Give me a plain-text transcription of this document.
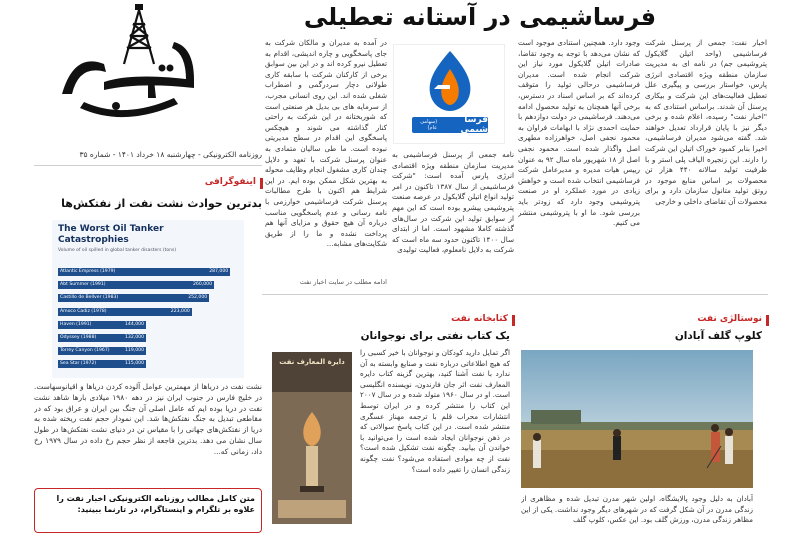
روزنامه الکترونیکی - چهارشنبه ۱۸ خرداد ۱۴۰۱ - شماره ۳۵
فرساشیمی در آستانه تعطیلی
اخبار نفت: جمعی از پرسنل شرکت فرساشیمی (واحد اتیلن گلایکول پتروشیمی جم) در نامه ای به مدیریت سازمان منطقه ویژه اقتصادی انرژی پارس، خواستار بررسی و پیگیری علل تعطیل فعالیت‌های این شرکت و بیکاری پرسنل آن شدند. براساس استنادی که به "اخبار نفت" رسیده، اعلام شده و برخی دیگر نیز با پایان قرارداد تعدیل خواهند شد. گفته می‌شود مدیران فرساشیمی، اخیرا بنابر کمبود خوراک اتیلن این شرکت را دارند. این زنجیره الیاف پلی استر و با ظرفیت تولید سالانه ۴۴۰ هزار تن محصولات بر اساس منابع موجود در روتق تولید متانول سازمان دارد و برای محصولات آن تقاضای داخلی و خارجی
وجود دارد. همچنین استنادی موجود است که نشان می‌دهد با توجه به وجود تقاضا، صادرات اتیلن گلایکول مورد نیاز این شرکت انجام شده است. مدیران فرساشیمی درحالی تولید را متوقف کرده‌اند که بر اساس اسناد در دسترس، برخی آنها همچنان به تولید محصول ادامه می‌دهند. فرساشیمی در دولت دوازدهم با حمایت احمدی نژاد با ابهامات فراوان به محمود نجفی اصل، خواهرزاده مطهری اصل واگذار شده است. محمود نجفی اصل از ۱۸ شهریور ماه سال ۹۲ به عنوان رییس هیات مدیره و مدیرعامل شرکت فرساشیمی انتخاب شده است و خواهش زیادی در مورد عملکرد او در صنعت پتروشیمی وجود دارد که زودتر باید بررسی شود. ما او با پتروشیمی منتشر می کنیم.
نامه جمعی از پرسنل فرساشیمی به مدیریت سازمان منطقه ویژه اقتصادی انرژی پارس آمده است: "شرکت فرساشیمی از سال ۱۳۸۷ تاکنون در امر تولید انواع اتیلن گلایکول در عرصه صنعت پتروشیمی پیشرو بوده است که این مهم از سوابق تولید این شرکت در سال‌های گذشته کاملا مشهود است. اما از ابتدای سال ۱۴۰۰ تاکنون حدود سه ماه است که شرکت به دلایل نامعلوم، فعالیت تولیدی
در آمده به مدیران و مالکان شرکت به جای پاسخگویی و چاره اندیشی، اقدام به تعطیل نیرو کرده اند و در این بین سوابق برخی از کارکنان شرکت با سابقه کاری طولانی دچار سردرگمی و اضطراب شغلی شده اند. این روی انسانی مجرب، از سرمایه های بی بدیل هر صنعتی است که شوربختانه در این شرکت به راحتی کنار گذاشته می شوند و هیچکس پاسخگوی این اقدام در سطح مدیریتی نبوده است. ما طی سالیان متمادی به عنوان پرسنل شرکت با تعهد و دلایل چندان کاری مشغول انجام وظایف محوله به بهترین شکل ممکن بوده ایم. در این شرایط هم اکنون با طرح مطالبات پرسنل شرکت فرساشیمی خوارزمی با نامه رسانی و عدم پاسخگویی مناسب درباره آن هیچ حقوق و مزایای آنها هم پرداخت نشده و ما را از طریق شکایت‌های مشابه...
ادامه مطلب در سایت اخبار نفت
فرسا شیمی
(سهامی عام)
اینفوگرافی
بدترین حوادث نشت نفت از نفتکش‌ها
The Worst Oil Tanker Catastrophies
Volume of oil spilled in global tanker disasters (tons)
Atlantic Empress (1979)	287,000
Abt Summer (1991)	260,000
Castillo de Bellver (1983)	252,000
Amoco Cadiz (1978)	223,000
Haven (1991)	144,000
Odyssey (1988)	132,000
Torrey Canyon (1967)	119,000
Sea Star (1972)	115,000
نشت نفت در دریاها از مهمترین عوامل آلوده کردن دریاها و اقیانوسهاست. در خلیج فارس در جنوب ایران نیز در دهه ۱۹۸۰ میلادی بارها شاهد نشت نفت در دریا بوده ایم که عامل اصلی آن جنگ بین ایران و عراق بود که در مقاطعی تبدیل به جنگ نفتکش‌ها شد. این نمودار حجم نفت ریخته شده به دریا از نفتکش‌های جهانی را با مقیاس تن در دنیای نشت نفتکش‌ها در طول سال نشان می دهد. بدترین فاجعه از نظر حجم رخ داده در سال ۱۹۷۹ رخ داد، زمانی که...
متن کامل مطالب روزنامه الکترونیکی اخبار نفت را علاوه بر تلگرام و اینستاگرام، در تارنما ببینید:
نوستالژی نفت
کلوپ گلف آبادان
آبادان به دلیل وجود پالایشگاه، اولین شهر مدرن تبدیل شده و مظاهری از زندگی مدرن در آن شکل گرفت که در شهرهای دیگر وجود نداشت. یکی از این مظاهر زندگی مدرن، ورزش گلف بود. این عکس، کلوپ گلف
کتابخانه نفت
یک کتاب نفتی برای نوجوانان
اگر تمایل دارید کودکان و نوجوانان با خیر کسبی را که هیچ اطلاعاتی درباره نفت و صنایع وابسته به آن ندارد با نفت آشنا کنید، بهترین گزینه کتاب دایره المعارف نفت اثر جان فارندون، نویسنده انگلیسی است. او در سال ۱۹۶۰ متولد شده و در سال ۲۰۰۷ این کتاب را منتشر کرده و در ایران توسط انتشارات محراب قلم با ترجمه مهناز عسگری منتشر شده است. در این کتاب پاسخ سوالاتی که در ذهن نوجوانان ایجاد شده است را می‌توانید با خواندن آن بیابید. چگونه نفت تشکیل شده است؟ نفت از چه موادی استفاده می‌شود؟ نفت چگونه زندگی انسان را تغییر داده است؟
دایرة المعارف نفت
